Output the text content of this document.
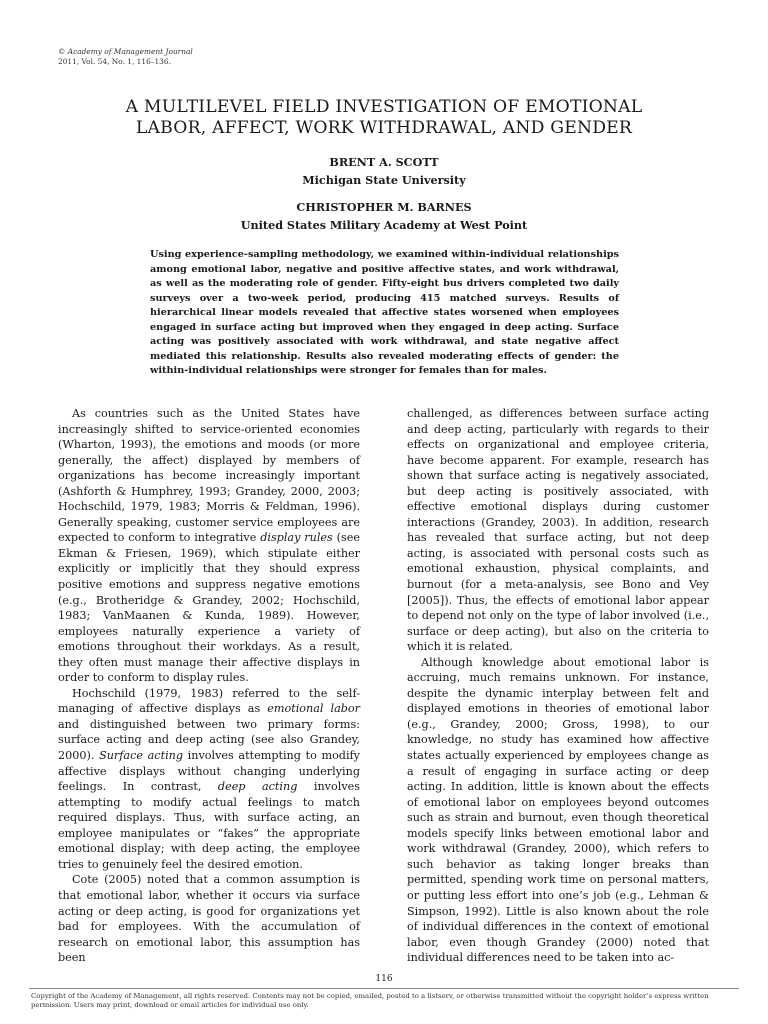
© Academy of Management Journal
2011, Vol. 54, No. 1, 116–136.
A MULTILEVEL FIELD INVESTIGATION OF EMOTIONAL
LABOR, AFFECT, WORK WITHDRAWAL, AND GENDER
BRENT A. SCOTT
Michigan State University
CHRISTOPHER M. BARNES
United States Military Academy at West Point
Using experience-sampling methodology, we examined within-individual relationships among emotional labor, negative and positive affective states, and work withdrawal, as well as the moderating role of gender. Fifty-eight bus drivers completed two daily surveys over a two-week period, producing 415 matched surveys. Results of hierarchical linear models revealed that affective states worsened when employees engaged in surface acting but improved when they engaged in deep acting. Surface acting was positively associated with work withdrawal, and state negative affect mediated this relationship. Results also revealed moderating effects of gender: the within-individual relationships were stronger for females than for males.

As countries such as the United States have increasingly shifted to service-oriented economies (Wharton, 1993), the emotions and moods (or more generally, the affect) displayed by members of organizations has become increasingly important (Ashforth & Humphrey, 1993; Grandey, 2000, 2003; Hochschild, 1979, 1983; Morris & Feldman, 1996). Generally speaking, customer service employees are expected to conform to integrative display rules (see Ekman & Friesen, 1969), which stipulate either explicitly or implicitly that they should express positive emotions and suppress negative emotions (e.g., Brotheridge & Grandey, 2002; Hochschild, 1983; VanMaanen & Kunda, 1989). However, employees naturally experience a variety of emotions throughout their workdays. As a result, they often must manage their affective displays in order to conform to display rules.

Hochschild (1979, 1983) referred to the self-managing of affective displays as emotional labor and distinguished between two primary forms: surface acting and deep acting (see also Grandey, 2000). Surface acting involves attempting to modify affective displays without changing underlying feelings. In contrast, deep acting involves attempting to modify actual feelings to match required displays. Thus, with surface acting, an employee manipulates or “fakes” the appropriate emotional display; with deep acting, the employee tries to genuinely feel the desired emotion.

Cote (2005) noted that a common assumption is that emotional labor, whether it occurs via surface acting or deep acting, is good for organizations yet bad for employees. With the accumulation of research on emotional labor, this assumption has been

challenged, as differences between surface acting and deep acting, particularly with regards to their effects on organizational and employee criteria, have become apparent. For example, research has shown that surface acting is negatively associated, but deep acting is positively associated, with effective emotional displays during customer interactions (Grandey, 2003). In addition, research has revealed that surface acting, but not deep acting, is associated with personal costs such as emotional exhaustion, physical complaints, and burnout (for a meta-analysis, see Bono and Vey [2005]). Thus, the effects of emotional labor appear to depend not only on the type of labor involved (i.e., surface or deep acting), but also on the criteria to which it is related.

Although knowledge about emotional labor is accruing, much remains unknown. For instance, despite the dynamic interplay between felt and displayed emotions in theories of emotional labor (e.g., Grandey, 2000; Gross, 1998), to our knowledge, no study has examined how affective states actually experienced by employees change as a result of engaging in surface acting or deep acting. In addition, little is known about the effects of emotional labor on employees beyond outcomes such as strain and burnout, even though theoretical models specify links between emotional labor and work withdrawal (Grandey, 2000), which refers to such behavior as taking longer breaks than permitted, spending work time on personal matters, or putting less effort into one’s job (e.g., Lehman & Simpson, 1992). Little is also known about the role of individual differences in the context of emotional labor, even though Grandey (2000) noted that individual differences need to be taken into ac-

116
Copyright of the Academy of Management, all rights reserved. Contents may not be copied, emailed, posted to a listserv, or otherwise transmitted without the copyright holder’s express written permission. Users may print, download or email articles for individual use only.
